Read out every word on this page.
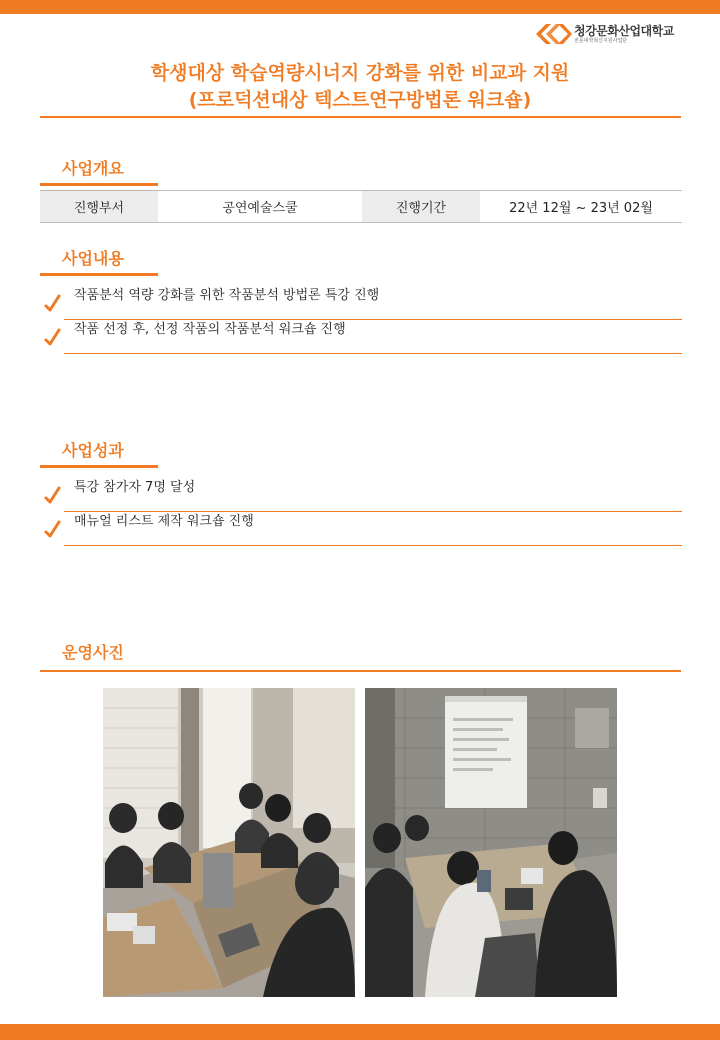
청강문화산업대학교
전문대학혁신지원사업단
학생대상 학습역량시너지 강화를 위한 비교과 지원
(프로덕션대상 텍스트연구방법론 워크숍)
사업개요
진행부서	공연예술스쿨	진행기간	22년 12월 ~ 23년 02월
사업내용
작품분석 역량 강화를 위한 작품분석 방법론 특강 진행
작품 선정 후, 선정 작품의 작품분석 워크숍 진행
사업성과
특강 참가자 7명 달성
매뉴얼 리스트 제작 워크숍 진행
운영사진
